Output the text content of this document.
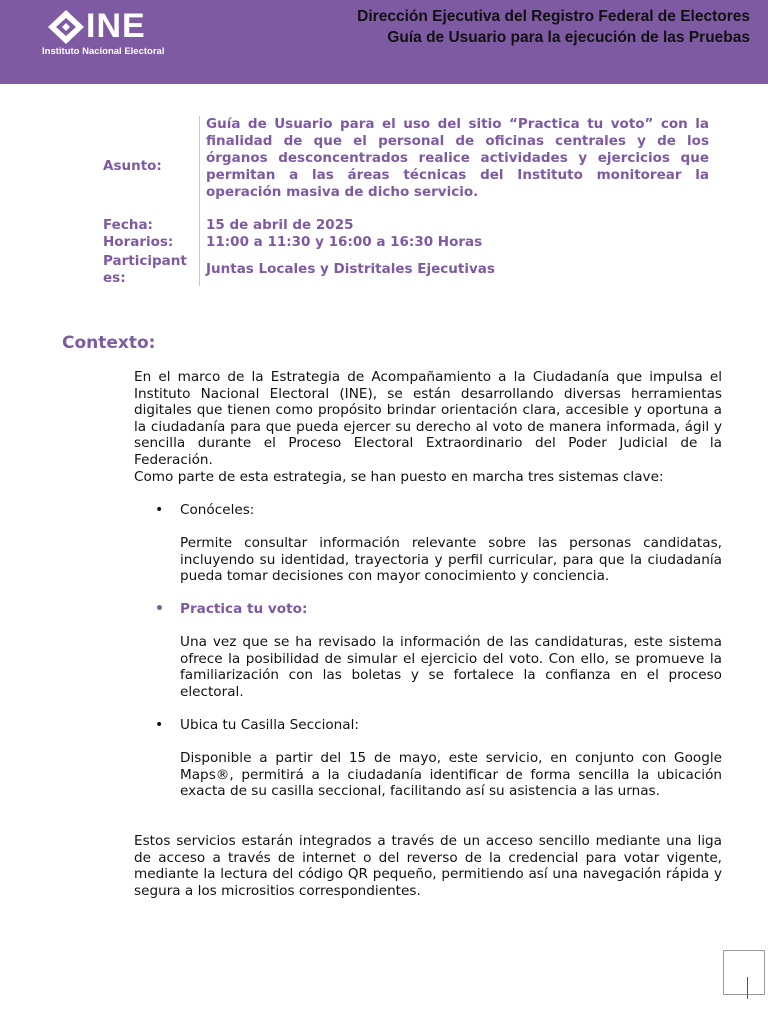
INE
Instituto Nacional Electoral
Dirección Ejecutiva del Registro Federal de Electores
Guía de Usuario para la ejecución de las Pruebas
Asunto:
Guía de Usuario para el uso del sitio “Practica tu voto” con la finalidad de que el personal de oficinas centrales y de los órganos desconcentrados realice actividades y ejercicios que permitan a las áreas técnicas del Instituto monitorear la operación masiva de dicho servicio.
Fecha:	15 de abril de 2025
Horarios: 11:00 a 11:30 y 16:00 a 16:30 Horas
Participant
es:
Juntas Locales y Distritales Ejecutivas
Contexto:
En el marco de la Estrategia de Acompañamiento a la Ciudadanía que impulsa el Instituto Nacional Electoral (INE), se están desarrollando diversas herramientas digitales que tienen como propósito brindar orientación clara, accesible y oportuna a la ciudadanía para que pueda ejercer su derecho al voto de manera informada, ágil y sencilla durante el Proceso Electoral Extraordinario del Poder Judicial de la Federación.
Como parte de esta estrategia, se han puesto en marcha tres sistemas clave:
• Conóceles:
Permite consultar información relevante sobre las personas candidatas, incluyendo su identidad, trayectoria y perfil curricular, para que la ciudadanía pueda tomar decisiones con mayor conocimiento y conciencia.
• Practica tu voto:
Una vez que se ha revisado la información de las candidaturas, este sistema ofrece la posibilidad de simular el ejercicio del voto. Con ello, se promueve la familiarización con las boletas y se fortalece la confianza en el proceso electoral.
• Ubica tu Casilla Seccional:
Disponible a partir del 15 de mayo, este servicio, en conjunto con Google Maps®, permitirá a la ciudadanía identificar de forma sencilla la ubicación exacta de su casilla seccional, facilitando así su asistencia a las urnas.
Estos servicios estarán integrados a través de un acceso sencillo mediante una liga de acceso a través de internet o del reverso de la credencial para votar vigente, mediante la lectura del código QR pequeño, permitiendo así una navegación rápida y segura a los micrositios correspondientes.
